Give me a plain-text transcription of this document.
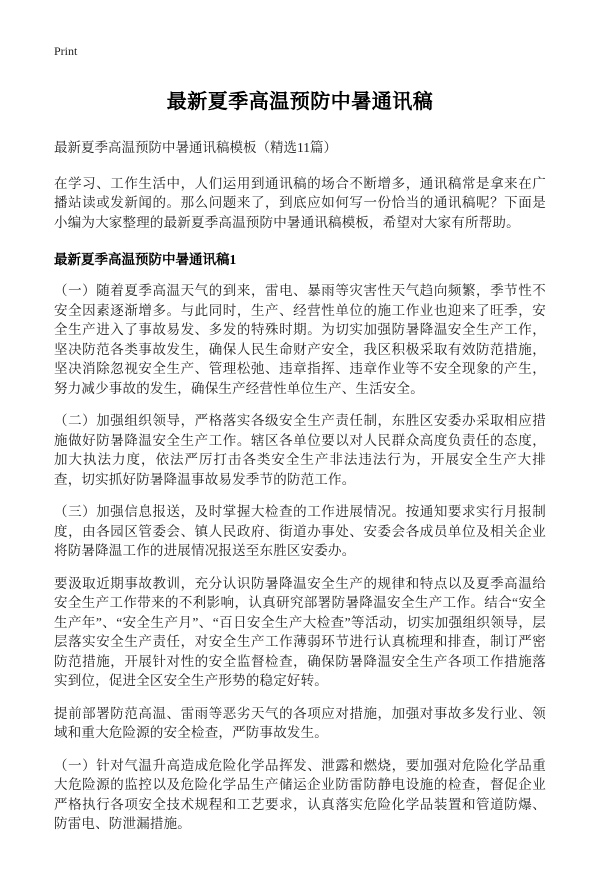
Print
最新夏季高温预防中暑通讯稿

最新夏季高温预防中暑通讯稿模板（精选11篇）

在学习、工作生活中，人们运用到通讯稿的场合不断增多，通讯稿常是拿来在广播站读或发新闻的。那么问题来了，到底应如何写一份恰当的通讯稿呢？下面是小编为大家整理的最新夏季高温预防中暑通讯稿模板，希望对大家有所帮助。

最新夏季高温预防中暑通讯稿1

（一）随着夏季高温天气的到来，雷电、暴雨等灾害性天气趋向频繁，季节性不安全因素逐渐增多。与此同时，生产、经营性单位的施工作业也迎来了旺季，安全生产进入了事故易发、多发的特殊时期。为切实加强防暑降温安全生产工作，坚决防范各类事故发生，确保人民生命财产安全，我区积极采取有效防范措施，坚决消除忽视安全生产、管理松弛、违章指挥、违章作业等不安全现象的产生，努力减少事故的发生，确保生产经营性单位生产、生活安全。

（二）加强组织领导，严格落实各级安全生产责任制，东胜区安委办采取相应措施做好防暑降温安全生产工作。辖区各单位要以对人民群众高度负责任的态度，加大执法力度，依法严厉打击各类安全生产非法违法行为，开展安全生产大排查，切实抓好防暑降温事故易发季节的防范工作。

（三）加强信息报送，及时掌握大检查的工作进展情况。按通知要求实行月报制度，由各园区管委会、镇人民政府、街道办事处、安委会各成员单位及相关企业将防暑降温工作的进展情况报送至东胜区安委办。

要汲取近期事故教训，充分认识防暑降温安全生产的规律和特点以及夏季高温给安全生产工作带来的不利影响，认真研究部署防暑降温安全生产工作。结合“安全生产年”、“安全生产月”、“百日安全生产大检查”等活动，切实加强组织领导，层层落实安全生产责任，对安全生产工作薄弱环节进行认真梳理和排查，制订严密防范措施，开展针对性的安全监督检查，确保防暑降温安全生产各项工作措施落实到位，促进全区安全生产形势的稳定好转。

提前部署防范高温、雷雨等恶劣天气的各项应对措施，加强对事故多发行业、领域和重大危险源的安全检查，严防事故发生。

（一）针对气温升高造成危险化学品挥发、泄露和燃烧，要加强对危险化学品重大危险源的监控以及危险化学品生产储运企业防雷防静电设施的检查，督促企业严格执行各项安全技术规程和工艺要求，认真落实危险化学品装置和管道防爆、防雷电、防泄漏措施。
